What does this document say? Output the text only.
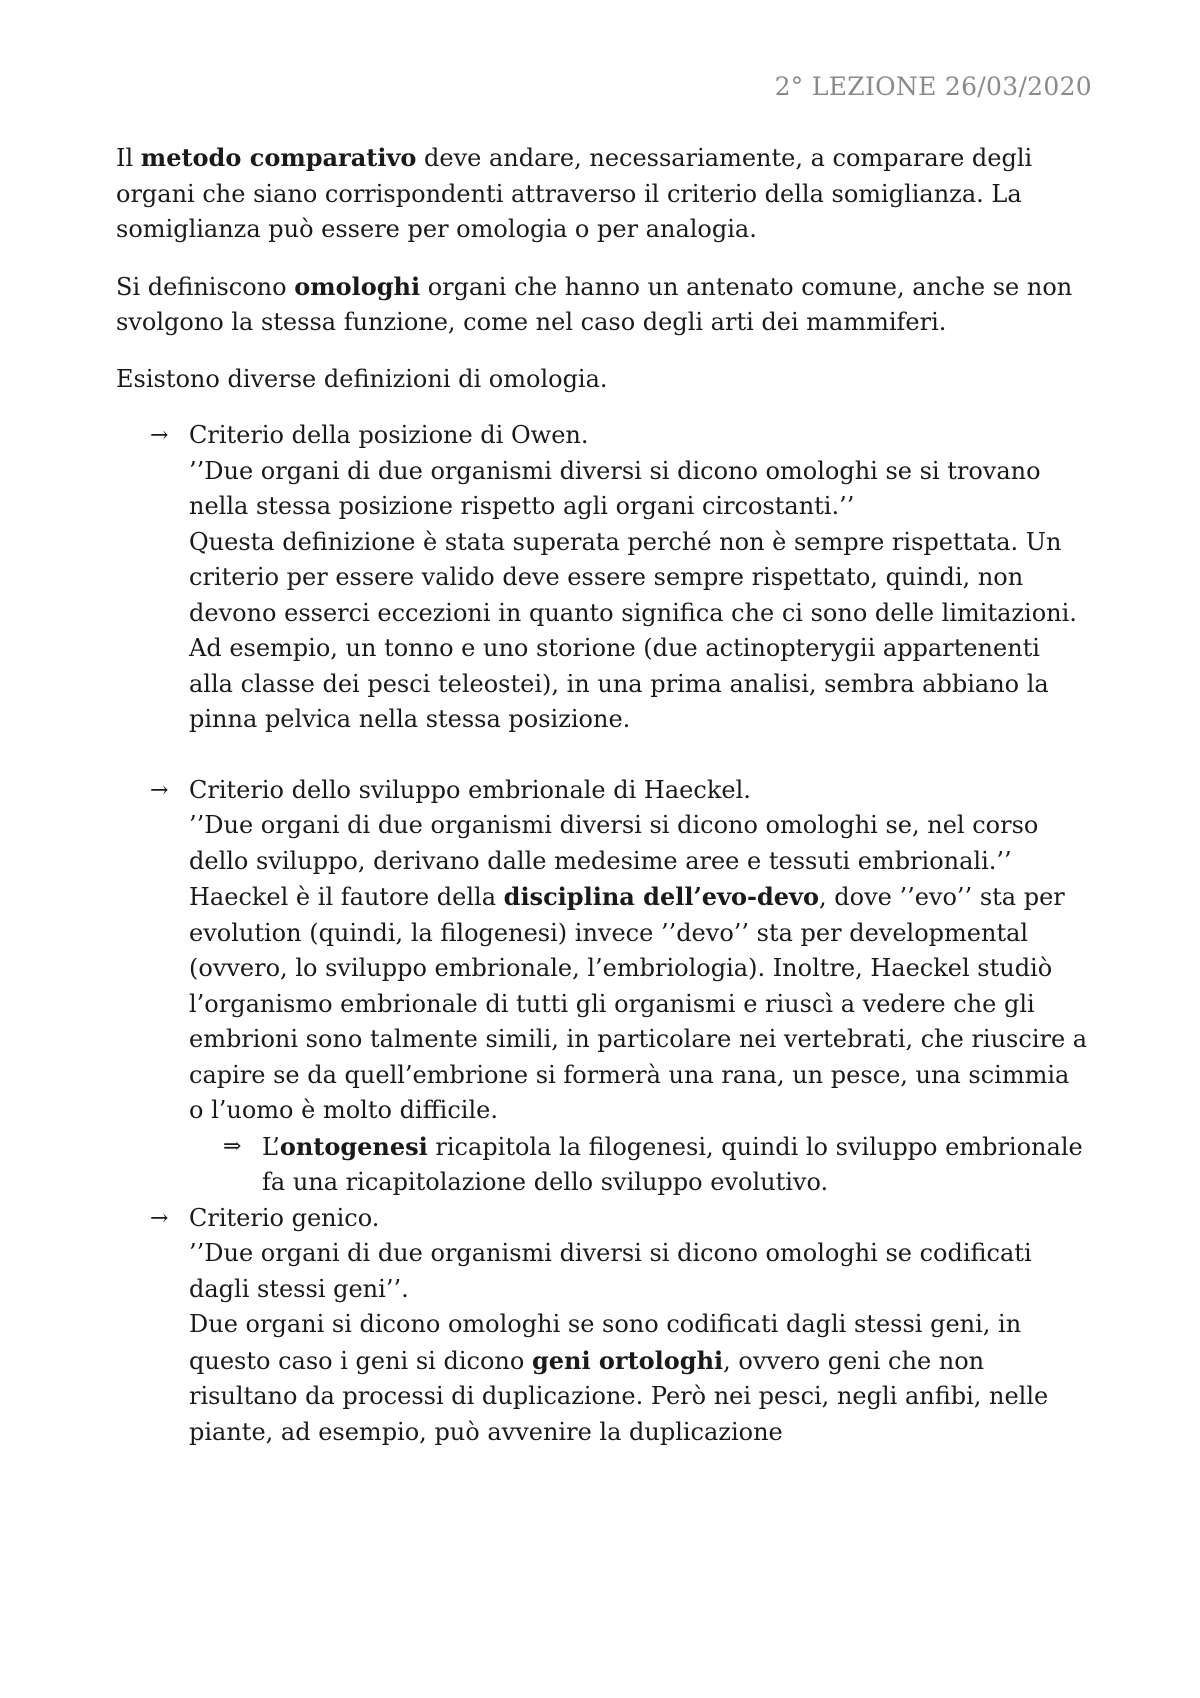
2° LEZIONE 26/03/2020

Il metodo comparativo deve andare, necessariamente, a comparare degli organi che siano corrispondenti attraverso il criterio della somiglianza. La somiglianza può essere per omologia o per analogia.

Si definiscono omologhi organi che hanno un antenato comune, anche se non svolgono la stessa funzione, come nel caso degli arti dei mammiferi.

Esistono diverse definizioni di omologia.

→ Criterio della posizione di Owen.
’’Due organi di due organismi diversi si dicono omologhi se si trovano nella stessa posizione rispetto agli organi circostanti.’’
Questa definizione è stata superata perché non è sempre rispettata. Un criterio per essere valido deve essere sempre rispettato, quindi, non devono esserci eccezioni in quanto significa che ci sono delle limitazioni. Ad esempio, un tonno e uno storione (due actinopterygii appartenenti alla classe dei pesci teleostei), in una prima analisi, sembra abbiano la pinna pelvica nella stessa posizione.
→ Criterio dello sviluppo embrionale di Haeckel.
’’Due organi di due organismi diversi si dicono omologhi se, nel corso dello sviluppo, derivano dalle medesime aree e tessuti embrionali.’’
Haeckel è il fautore della disciplina dell’evo-devo, dove ’’evo’’ sta per evolution (quindi, la filogenesi) invece ’’devo’’ sta per developmental (ovvero, lo sviluppo embrionale, l’embriologia). Inoltre, Haeckel studiò l’organismo embrionale di tutti gli organismi e riuscì a vedere che gli embrioni sono talmente simili, in particolare nei vertebrati, che riuscire a capire se da quell’embrione si formerà una rana, un pesce, una scimmia o l’uomo è molto difficile.
⇒ L’ontogenesi ricapitola la filogenesi, quindi lo sviluppo embrionale fa una ricapitolazione dello sviluppo evolutivo.
→ Criterio genico.
’’Due organi di due organismi diversi si dicono omologhi se codificati dagli stessi geni’’.
Due organi si dicono omologhi se sono codificati dagli stessi geni, in questo caso i geni si dicono geni ortologhi, ovvero geni che non risultano da processi di duplicazione. Però nei pesci, negli anfibi, nelle piante, ad esempio, può avvenire la duplicazione
